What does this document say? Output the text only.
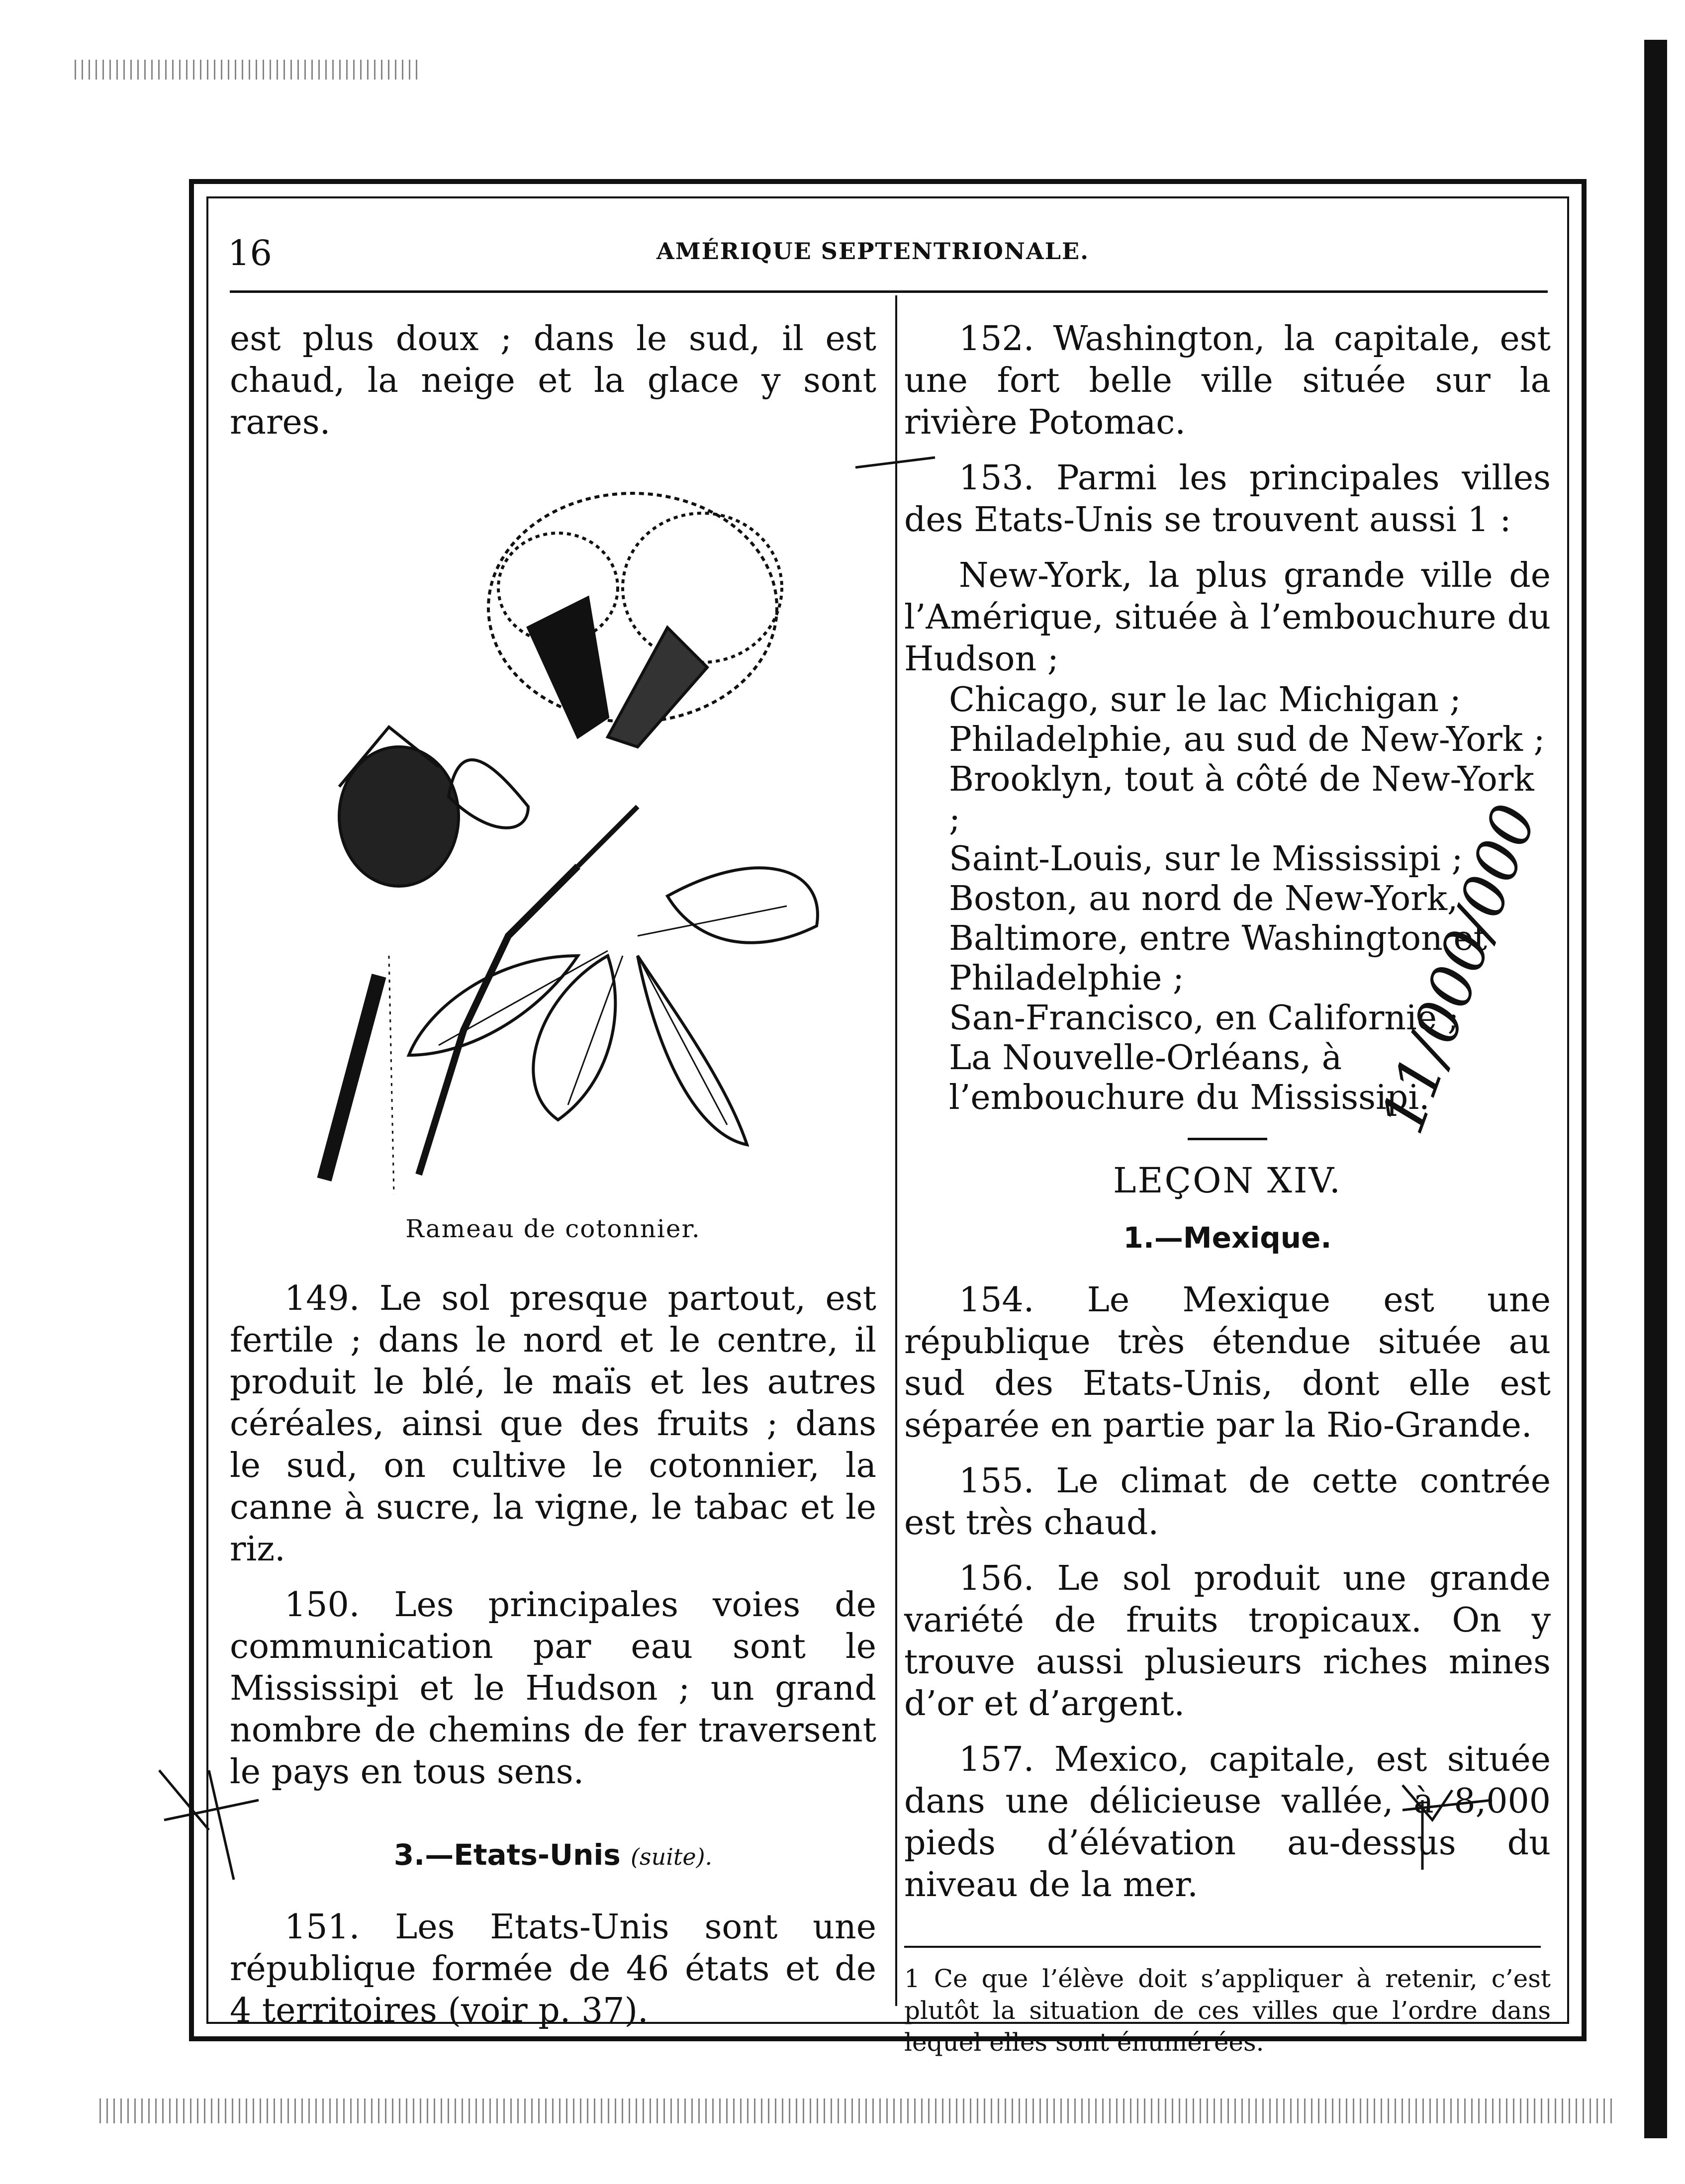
16	AMÉRIQUE SEPTENTRIONALE.

est plus doux ; dans le sud, il est chaud, la neige et la glace y sont rares.

Rameau de cotonnier.

149. Le sol presque partout, est fertile ; dans le nord et le centre, il produit le blé, le maïs et les autres céréales, ainsi que des fruits ; dans le sud, on cultive le cotonnier, la canne à sucre, la vigne, le tabac et le riz.

150. Les principales voies de communication par eau sont le Mississipi et le Hudson ; un grand nombre de chemins de fer traversent le pays en tous sens.

3.—Etats-Unis (suite).

151. Les Etats-Unis sont une république formée de 46 états et de 4 territoires (voir p. 37).

152. Washington, la capitale, est une fort belle ville située sur la rivière Potomac.

153. Parmi les principales villes des Etats-Unis se trouvent aussi 1 :

New-York, la plus grande ville de l’Amérique, située à l’embouchure du Hudson ;

Chicago, sur le lac Michigan ;
Philadelphie, au sud de New-York ;
Brooklyn, tout à côté de New-York ;
Saint-Louis, sur le Mississipi ;
Boston, au nord de New-York,
Baltimore, entre Washington et Philadelphie ;
San-Francisco, en Californie ;
La Nouvelle-Orléans, à l’embouchure du Mississipi.
LEÇON XIV.
1.—Mexique.

154. Le Mexique est une république très étendue située au sud des Etats-Unis, dont elle est séparée en partie par la Rio-Grande.

155. Le climat de cette contrée est très chaud.

156. Le sol produit une grande variété de fruits tropicaux. On y trouve aussi plusieurs riches mines d’or et d’argent.

157. Mexico, capitale, est située dans une délicieuse vallée, à 8,000 pieds d’élévation au-dessus du niveau de la mer.

1 Ce que l’élève doit s’appliquer à retenir, c’est plutôt la situation de ces villes que l’ordre dans lequel elles sont énumérées.
11/000/000
